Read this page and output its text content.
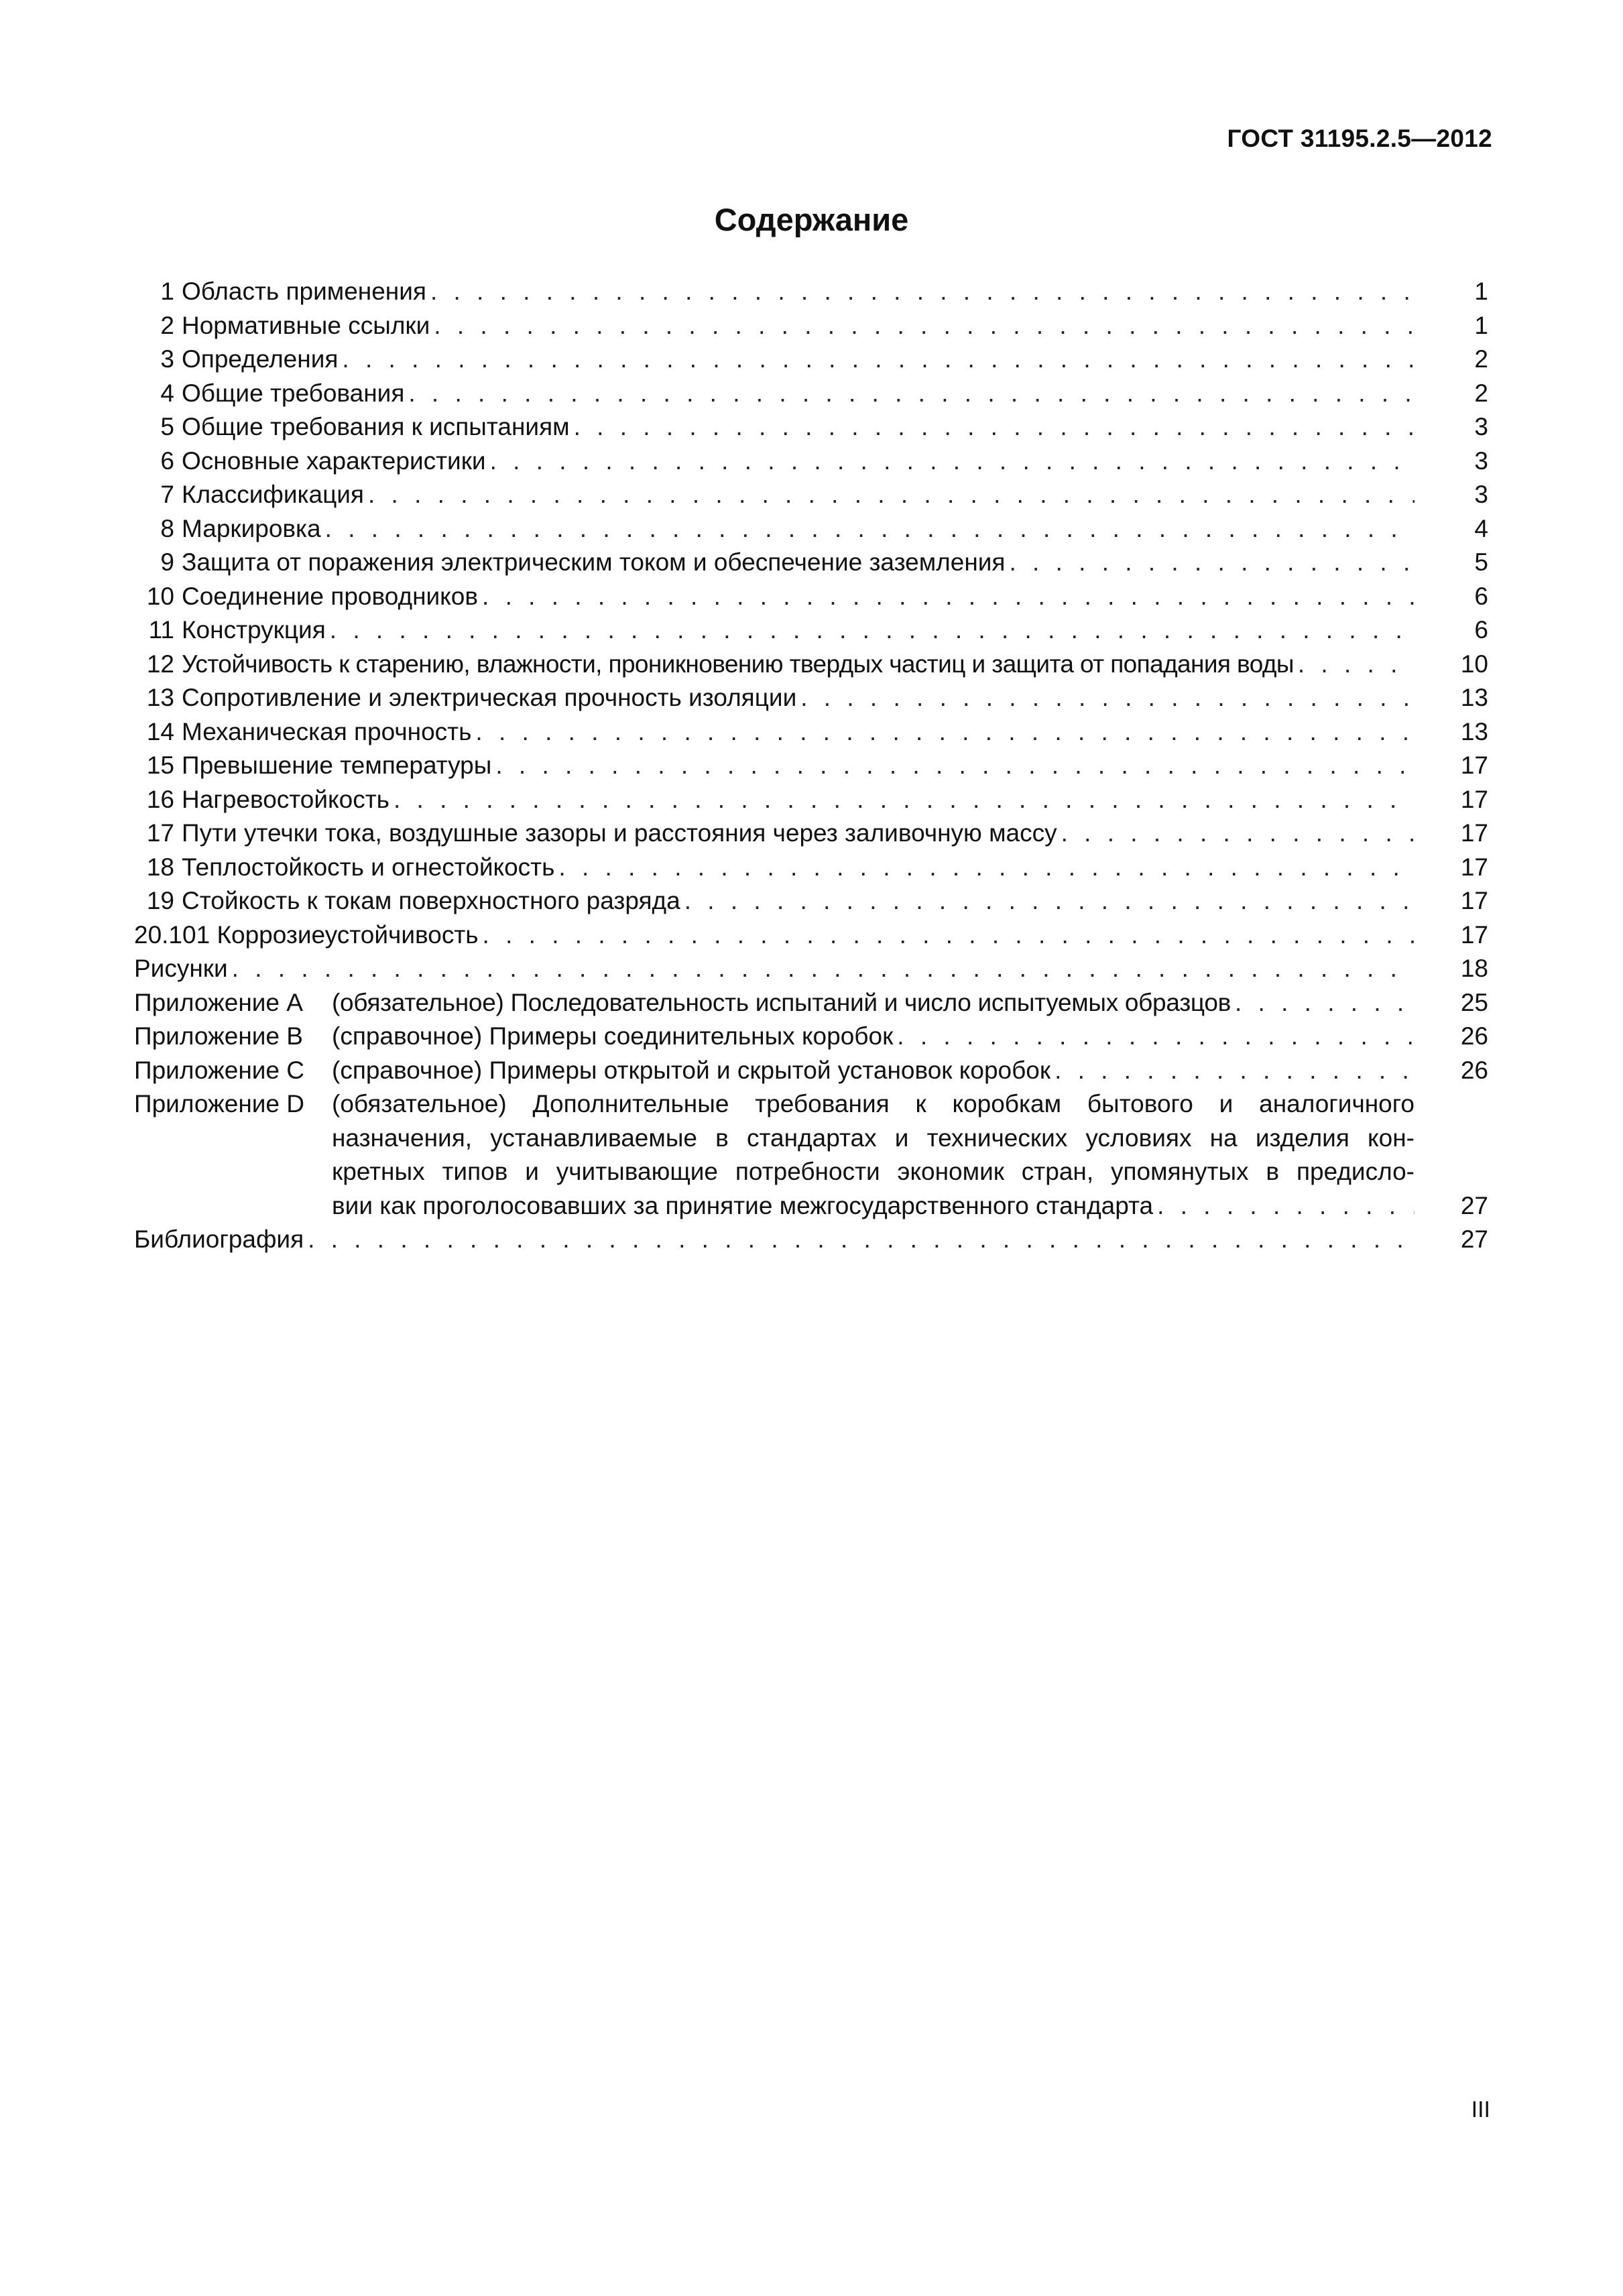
ГОСТ 31195.2.5—2012
Содержание
1 Область применения . . .	1
2 Нормативные ссылки . . .	1
3 Определения . . .	2
4 Общие требования . . .	2
5 Общие требования к испытаниям . . .	3
6 Основные характеристики . . .	3
7 Классификация . . .	3
8 Маркировка . . .	4
9 Защита от поражения электрическим током и обеспечение заземления . . .	5
10 Соединение проводников . . .	6
11 Конструкция . . .	6
12 Устойчивость к старению, влажности, проникновению твердых частиц и защита от попадания воды . . .	10
13 Сопротивление и электрическая прочность изоляции . . .	13
14 Механическая прочность . . .	13
15 Превышение температуры . . .	17
16 Нагревостойкость . . .	17
17 Пути утечки тока, воздушные зазоры и расстояния через заливочную массу . . .	17
18 Теплостойкость и огнестойкость . . .	17
19 Стойкость к токам поверхностного разряда . . .	17
20.101 Коррозиеустойчивость . . .	17
Рисунки . . .	18
Приложение А	(обязательное) Последовательность испытаний и число испытуемых образцов . . .	25
Приложение В	(справочное) Примеры соединительных коробок . . .	26
Приложение С	(справочное) Примеры открытой и скрытой установок коробок . . .	26
Приложение D	(обязательное) Дополнительные требования к коробкам бытового и аналогичного
назначения, устанавливаемые в стандартах и технических условиях на изделия кон-
кретных типов и учитывающие потребности экономик стран, упомянутых в предисло-
вии как проголосовавших за принятие межгосударственного стандарта . . .	27
Библиография . . .	27
III
